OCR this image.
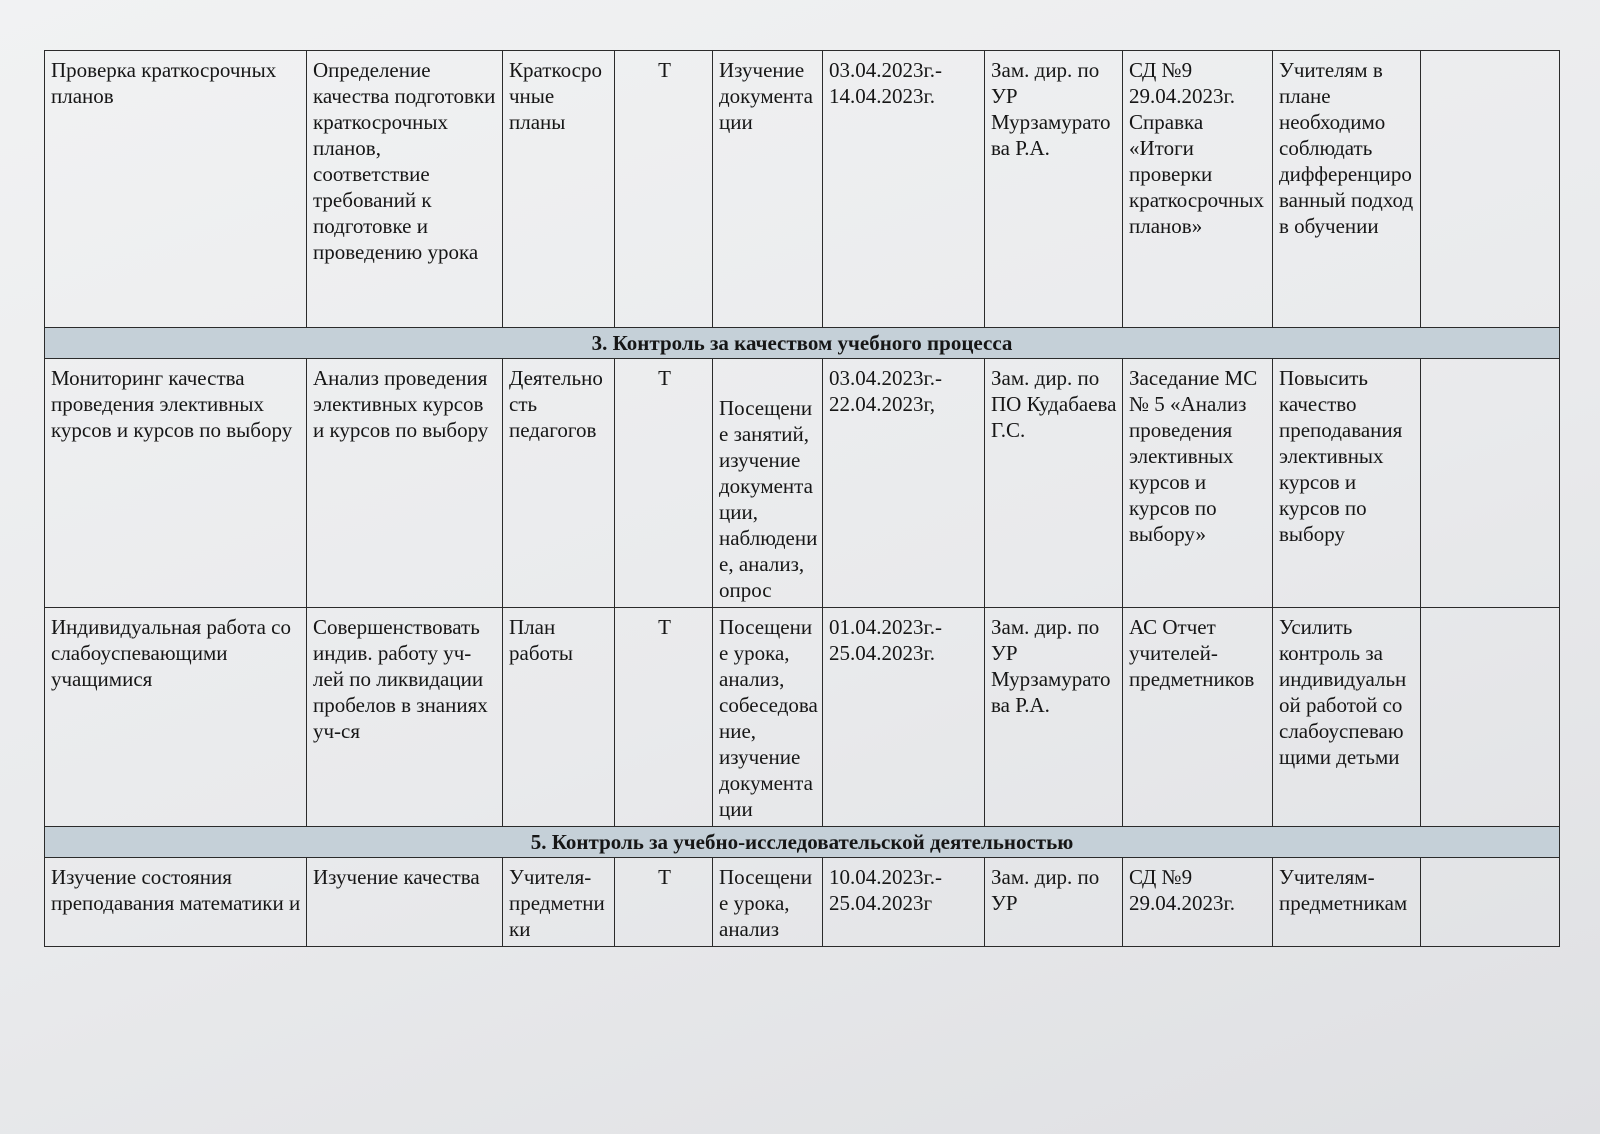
Проверка краткосрочных планов	Определение качества подготовки краткосрочных планов, соответствие требований к подготовке и проведению урока	Краткосрочные планы	Т	Изучение документации	03.04.2023г.- 14.04.2023г.	Зам. дир. по УР Мурзамуратова Р.А.	СД №9 29.04.2023г. Справка «Итоги проверки краткосрочных планов»	Учителям в плане необходимо соблюдать дифференцированный подход в обучении	
3. Контроль за качеством учебного процесса									
Мониторинг качества проведения элективных курсов и курсов по выбору	Анализ проведения элективных курсов и курсов по выбору	Деятельность педагогов	Т	Посещение занятий, изучение документации, наблюдение, анализ, опрос	03.04.2023г.- 22.04.2023г,	Зам. дир. по ПО Кудабаева Г.С.	Заседание МС № 5 «Анализ проведения элективных курсов и курсов по выбору»	Повысить качество преподавания элективных курсов и курсов по выбору	
Индивидуальная работа со слабоуспевающими учащимися	Совершенствовать индив. работу уч-лей по ликвидации пробелов в знаниях уч-ся	План работы	Т	Посещение урока, анализ, собеседование, изучение документации	01.04.2023г.- 25.04.2023г.	Зам. дир. по УР Мурзамуратова Р.А.	АС Отчет учителей-предметников	Усилить контроль за индивидуальной работой со слабоуспевающими детьми	
5. Контроль за учебно-исследовательской деятельностью									
Изучение состояния преподавания математики и	Изучение качества	Учителя-предметники	Т	Посещение урока, анализ	10.04.2023г.- 25.04.2023г	Зам. дир. по УР	СД №9 29.04.2023г.	Учителям-предметникам	
